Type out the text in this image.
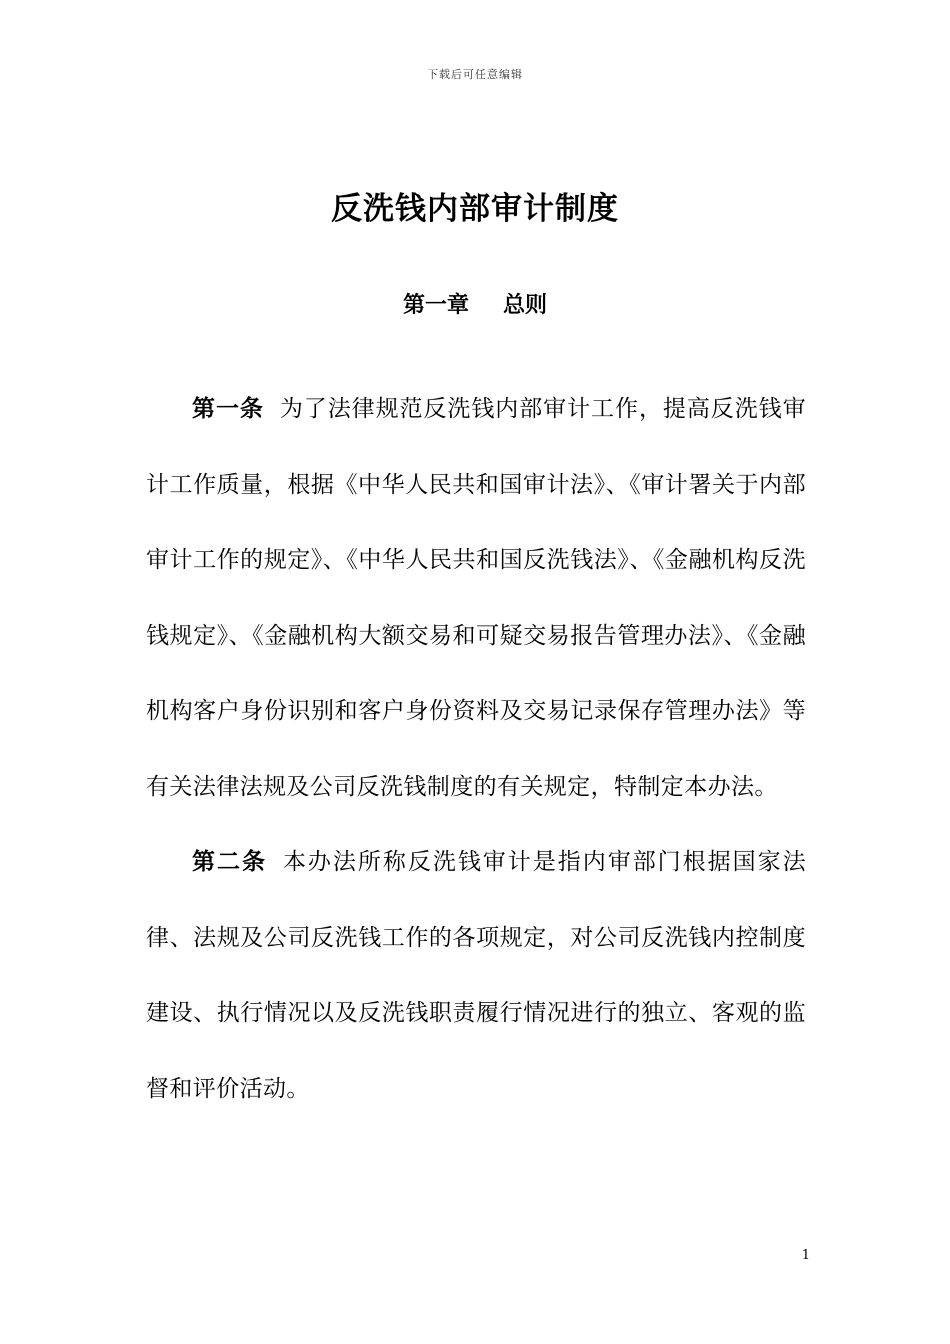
下载后可任意编辑
反洗钱内部审计制度
第一章 总则

第一条 为了法律规范反洗钱内部审计工作，提高反洗钱审计工作质量，根据《中华人民共和国审计法》、《审计署关于内部审计工作的规定》、《中华人民共和国反洗钱法》、《金融机构反洗钱规定》、《金融机构大额交易和可疑交易报告管理办法》、《金融机构客户身份识别和客户身份资料及交易记录保存管理办法》等有关法律法规及公司反洗钱制度的有关规定，特制定本办法。

第二条 本办法所称反洗钱审计是指内审部门根据国家法律、法规及公司反洗钱工作的各项规定，对公司反洗钱内控制度建设、执行情况以及反洗钱职责履行情况进行的独立、客观的监督和评价活动。

1
